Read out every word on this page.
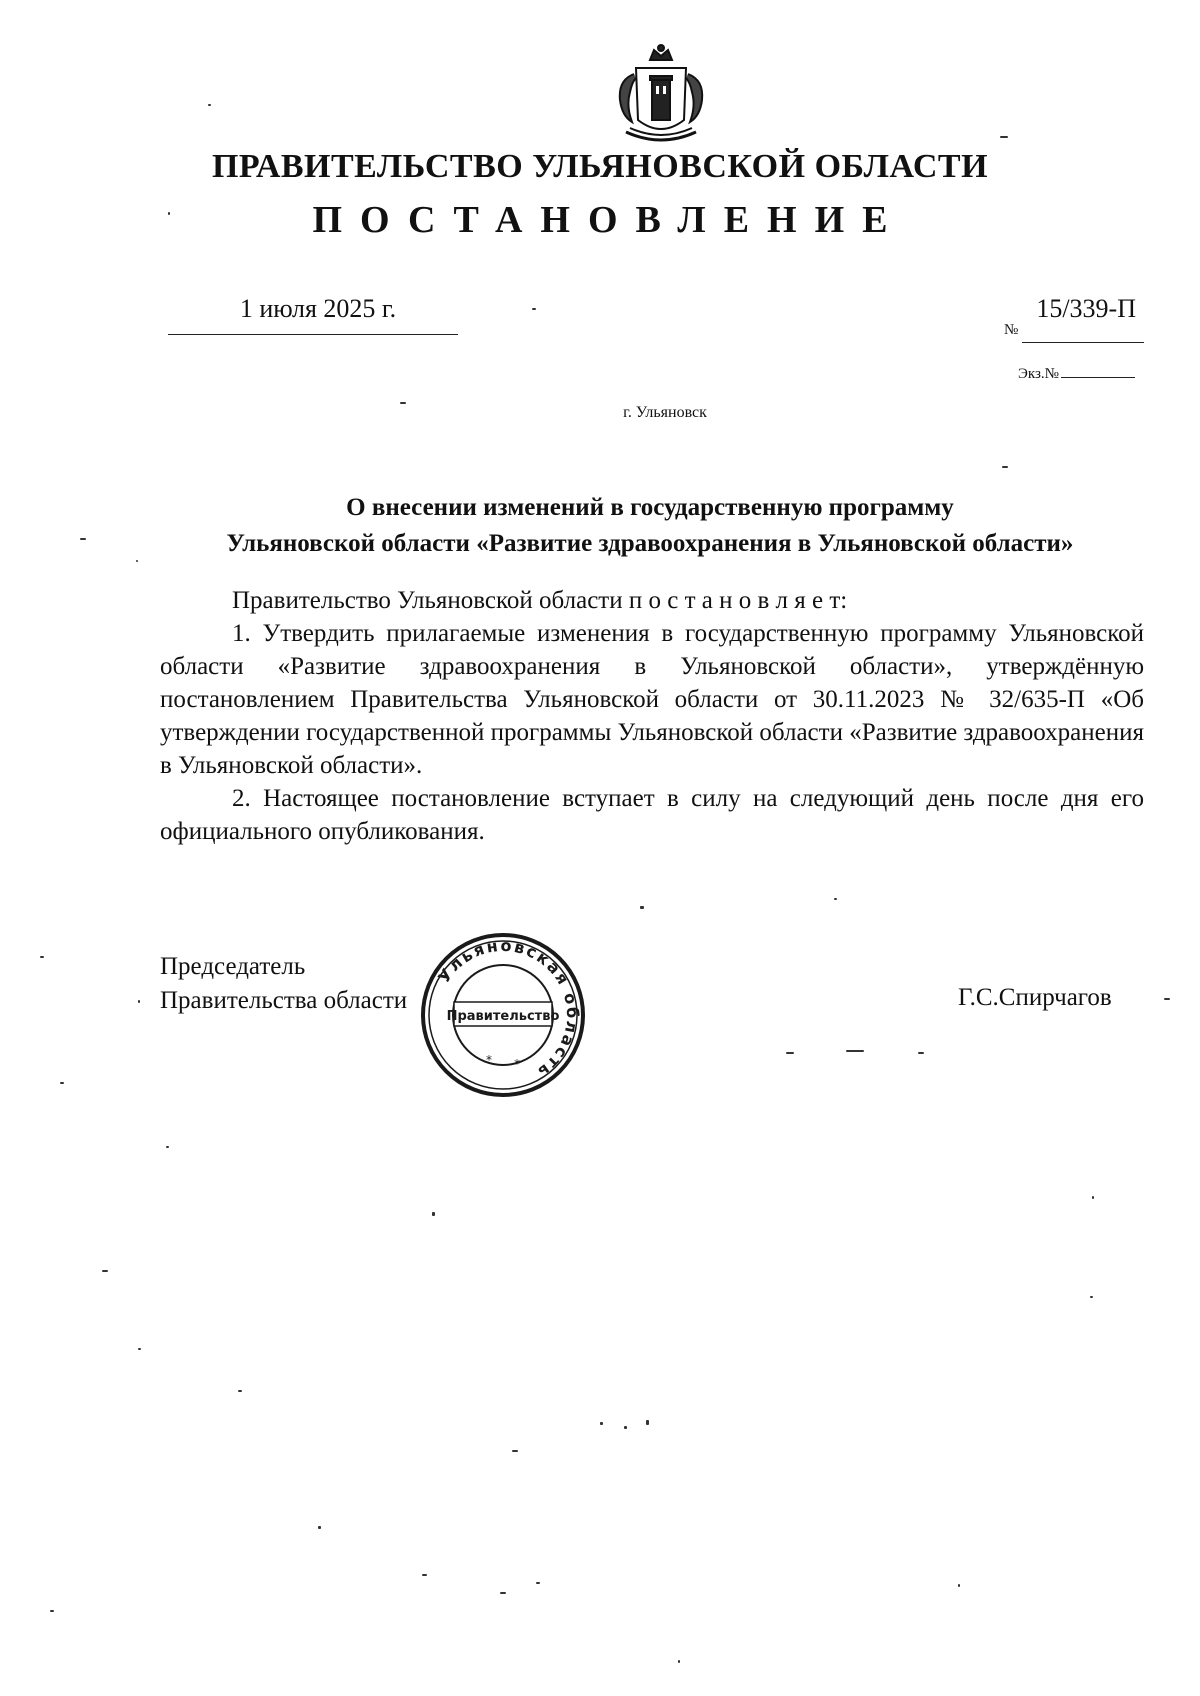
ПРАВИТЕЛЬСТВО УЛЬЯНОВСКОЙ ОБЛАСТИ
ПОСТАНОВЛЕНИЕ
1 июля 2025 г.	15/339-П
№
Экз.№
г. Ульяновск
О внесении изменений в государственную программу
Ульяновской области «Развитие здравоохранения в Ульяновской области»

Правительство Ульяновской области п о с т а н о в л я е т:

1. Утвердить прилагаемые изменения в государственную программу Ульяновской области «Развитие здравоохранения в Ульяновской области», утверждённую постановлением Правительства Ульяновской области от 30.11.2023 № 32/635-П «Об утверждении государственной программы Ульяновской области «Развитие здравоохранения в Ульяновской области».

2. Настоящее постановление вступает в силу на следующий день после дня его официального опубликования.

Председатель
Правительства области	Г.С.Спирчагов
Ульяновская область
Правительство
* *
